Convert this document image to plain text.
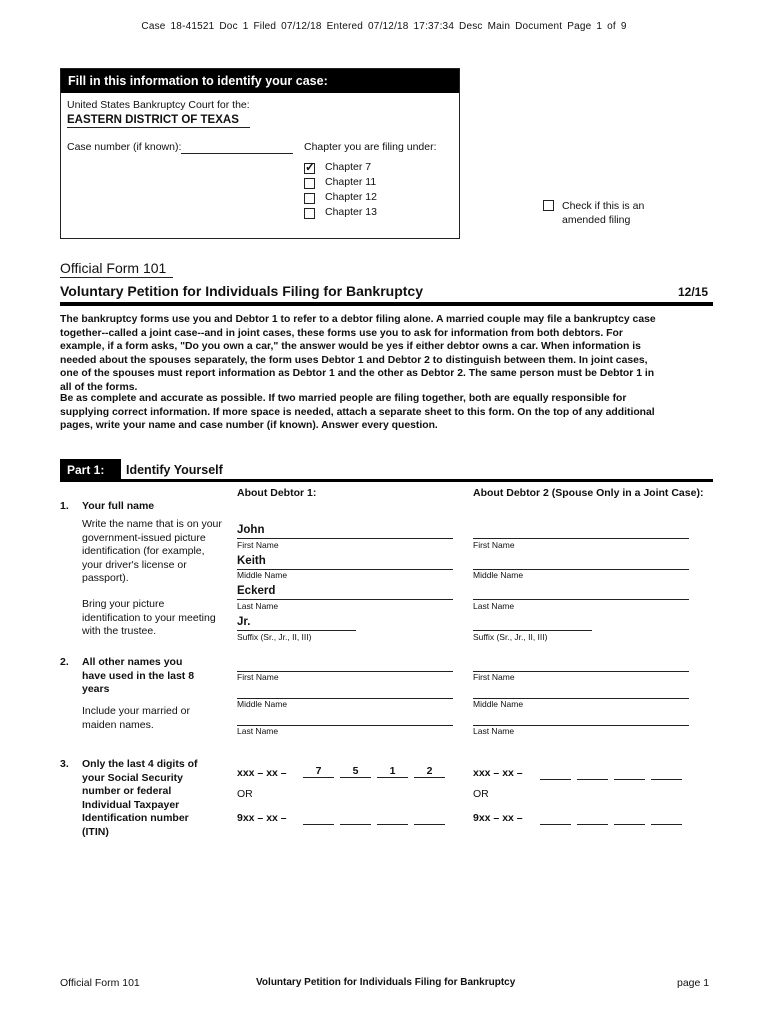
Case 18-41521 Doc 1 Filed 07/12/18 Entered 07/12/18 17:37:34 Desc Main Document Page 1 of 9
Fill in this information to identify your case:
United States Bankruptcy Court for the:
EASTERN DISTRICT OF TEXAS
Case number (if known):	Chapter you are filing under:
✓
Chapter 7
Chapter 11
Chapter 12
Chapter 13	Check if this is an
amended filing
Official Form 101
Voluntary Petition for Individuals Filing for Bankruptcy	12/15
The bankruptcy forms use you and Debtor 1 to refer to a debtor filing alone. A married couple may file a bankruptcy case together--called a joint case--and in joint cases, these forms use you to ask for information from both debtors. For example, if a form asks, "Do you own a car," the answer would be yes if either debtor owns a car. When information is needed about the spouses separately, the form uses Debtor 1 and Debtor 2 to distinguish between them. In joint cases, one of the spouses must report information as Debtor 1 and the other as Debtor 2. The same person must be Debtor 1 in all of the forms.
Be as complete and accurate as possible. If two married people are filing together, both are equally responsible for supplying correct information. If more space is needed, attach a separate sheet to this form. On the top of any additional pages, write your name and case number (if known). Answer every question.
Part 1:	Identify Yourself
About Debtor 1:	About Debtor 2 (Spouse Only in a Joint Case):
1. Your full name
Write the name that is on your government-issued picture identification (for example, your driver's license or passport).
Bring your picture identification to your meeting with the trustee.
John
First Name
Keith
Middle Name
Eckerd
Last Name
Jr.
Suffix (Sr., Jr., II, III)
First Name
Middle Name
Last Name
Suffix (Sr., Jr., II, III)
2. All other names you have used in the last 8 years
Include your married or maiden names.
First Name
Middle Name
Last Name
First Name
Middle Name
Last Name
3. Only the last 4 digits of your Social Security number or federal Individual Taxpayer Identification number (ITIN)
xxx – xx –	7	5	1	2
OR
9xx – xx –
xxx – xx –
OR
9xx – xx –
Official Form 101	Voluntary Petition for Individuals Filing for Bankruptcy	page 1
